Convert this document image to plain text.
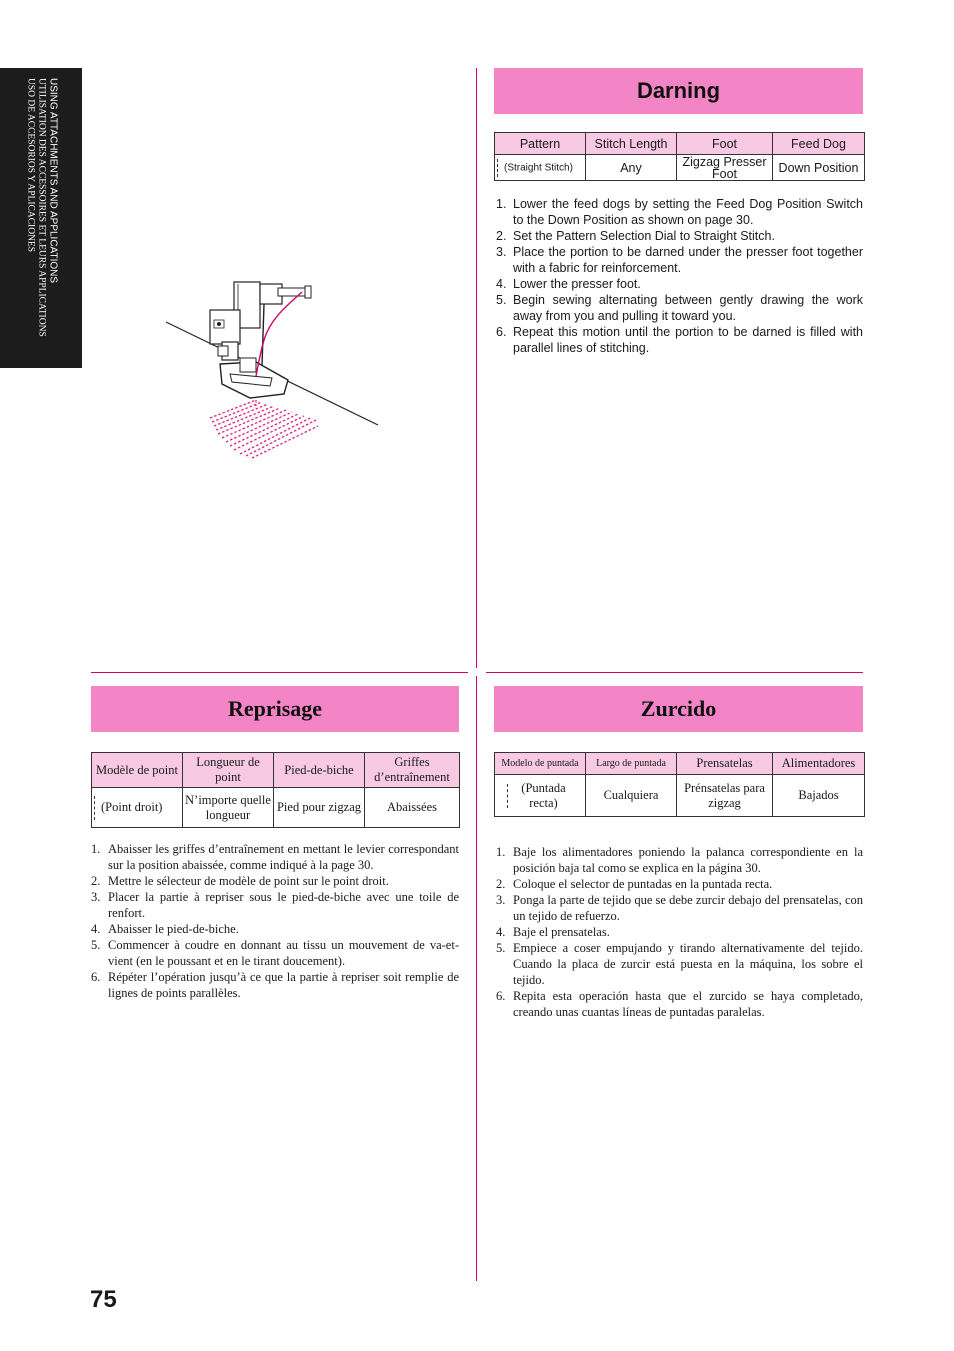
USING ATTACHMENTS AND APPLICATIONS
UTILISATION DES ACCESSOIRES ET LEURS APPLICATIONS
USO DE ACCESORIOS Y APLICACIONES	Darning
Pattern	Stitch Length	Foot	Feed Dog
(Straight Stitch)	Any	Zigzag Presser Foot	Down Position
1. Lower the feed dogs by setting the Feed Dog Position Switch to the Down Position as shown on page 30.
2. Set the Pattern Selection Dial to Straight Stitch.
3. Place the portion to be darned under the presser foot together with a fabric for reinforcement.
4. Lower the presser foot.
5. Begin sewing alternating between gently drawing the work away from you and pulling it toward you.
6. Repeat this motion until the portion to be darned is filled with parallel lines of stitching.
Reprisage
Modèle de point	Longueur de point	Pied-de-biche	Griffes d’entraînement
(Point droit)	N’importe quelle longueur	Pied pour zigzag	Abaissées
1. Abaisser les griffes d’entraînement en mettant le levier correspondant sur la position abaissée, comme indiqué à la page 30.
2. Mettre le sélecteur de modèle de point sur le point droit.
3. Placer la partie à repriser sous le pied-de-biche avec une toile de renfort.
4. Abaisser le pied-de-biche.
5. Commencer à coudre en donnant au tissu un mouvement de va-et-vient (en le poussant et en le tirant doucement).
6. Répéter l’opération jusqu’à ce que la partie à repriser soit remplie de lignes de points parallèles.
Zurcido
Modelo de puntada	Largo de puntada	Prensatelas	Alimentadores
(Puntada recta)	Cualquiera	Prénsatelas para zigzag	Bajados
1. Baje los alimentadores poniendo la palanca correspondiente en la posición baja tal como se explica en la página 30.
2. Coloque el selector de puntadas en la puntada recta.
3. Ponga la parte de tejido que se debe zurcir debajo del prensatelas, con un tejido de refuerzo.
4. Baje el prensatelas.
5. Empiece a coser empujando y tirando alternativamente del tejido. Cuando la placa de zurcir está puesta en la máquina, los sobre el tejido.
6. Repita esta operación hasta que el zurcido se haya completado, creando unas cuantas líneas de puntadas paralelas.
75
